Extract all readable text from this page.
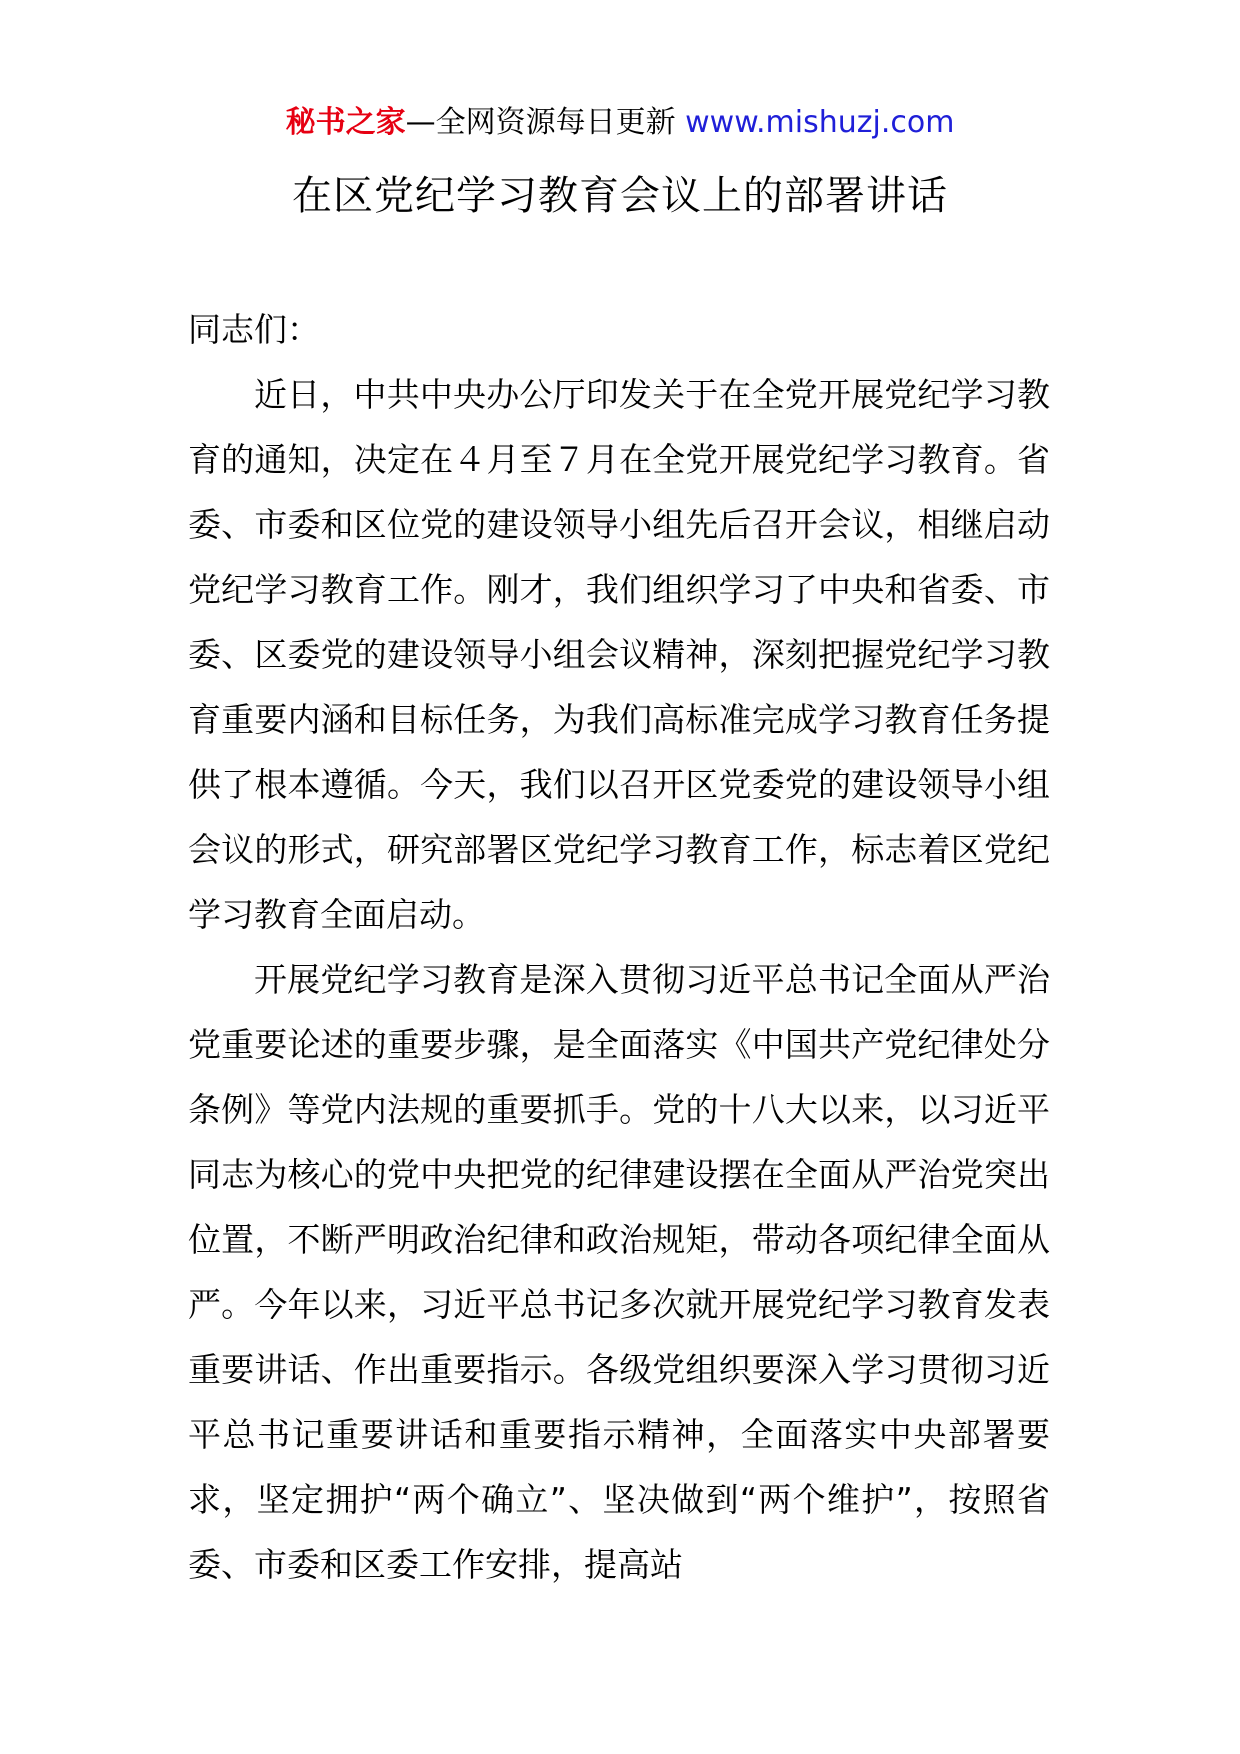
秘书之家—全网资源每日更新 www.mishuzj.com
在区党纪学习教育会议上的部署讲话

同志们：

近日，中共中央办公厅印发关于在全党开展党纪学习教育的通知，决定在４月至７月在全党开展党纪学习教育。省委、市委和区位党的建设领导小组先后召开会议，相继启动党纪学习教育工作。刚才，我们组织学习了中央和省委、市委、区委党的建设领导小组会议精神，深刻把握党纪学习教育重要内涵和目标任务，为我们高标准完成学习教育任务提供了根本遵循。今天，我们以召开区党委党的建设领导小组会议的形式，研究部署区党纪学习教育工作，标志着区党纪学习教育全面启动。

开展党纪学习教育是深入贯彻习近平总书记全面从严治党重要论述的重要步骤，是全面落实《中国共产党纪律处分条例》等党内法规的重要抓手。党的十八大以来，以习近平同志为核心的党中央把党的纪律建设摆在全面从严治党突出位置，不断严明政治纪律和政治规矩，带动各项纪律全面从严。今年以来，习近平总书记多次就开展党纪学习教育发表重要讲话、作出重要指示。各级党组织要深入学习贯彻习近平总书记重要讲话和重要指示精神，全面落实中央部署要求，坚定拥护“两个确立”、坚决做到“两个维护”，按照省委、市委和区委工作安排，提高站
